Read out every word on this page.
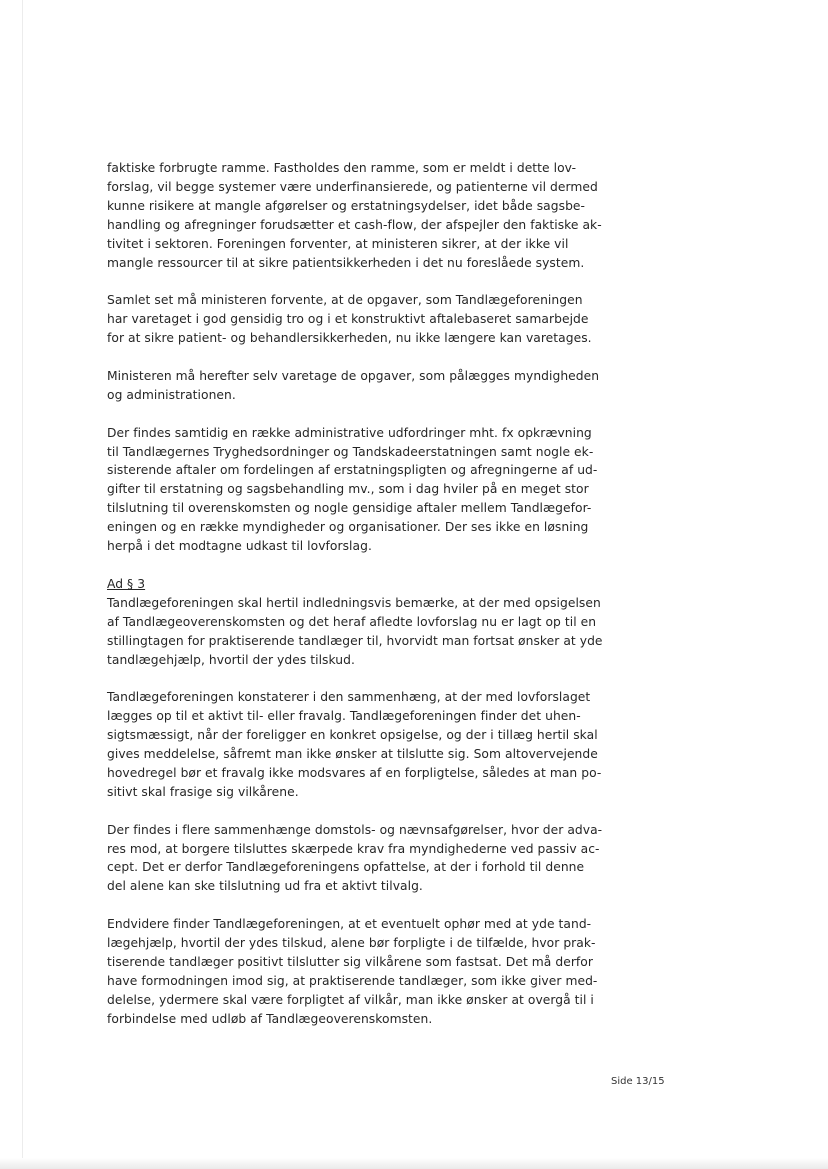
faktiske forbrugte ramme. Fastholdes den ramme, som er meldt i dette lov-
forslag, vil begge systemer være underfinansierede, og patienterne vil dermed
kunne risikere at mangle afgørelser og erstatningsydelser, idet både sagsbe-
handling og afregninger forudsætter et cash-flow, der afspejler den faktiske ak-
tivitet i sektoren. Foreningen forventer, at ministeren sikrer, at der ikke vil
mangle ressourcer til at sikre patientsikkerheden i det nu foreslåede system.
Samlet set må ministeren forvente, at de opgaver, som Tandlægeforeningen
har varetaget i god gensidig tro og i et konstruktivt aftalebaseret samarbejde
for at sikre patient- og behandlersikkerheden, nu ikke længere kan varetages.
Ministeren må herefter selv varetage de opgaver, som pålægges myndigheden
og administrationen.
Der findes samtidig en række administrative udfordringer mht. fx opkrævning
til Tandlægernes Tryghedsordninger og Tandskadeerstatningen samt nogle ek-
sisterende aftaler om fordelingen af erstatningspligten og afregningerne af ud-
gifter til erstatning og sagsbehandling mv., som i dag hviler på en meget stor
tilslutning til overenskomsten og nogle gensidige aftaler mellem Tandlægefor-
eningen og en række myndigheder og organisationer. Der ses ikke en løsning
herpå i det modtagne udkast til lovforslag.
Ad § 3
Tandlægeforeningen skal hertil indledningsvis bemærke, at der med opsigelsen
af Tandlægeoverenskomsten og det heraf afledte lovforslag nu er lagt op til en
stillingtagen for praktiserende tandlæger til, hvorvidt man fortsat ønsker at yde
tandlægehjælp, hvortil der ydes tilskud.
Tandlægeforeningen konstaterer i den sammenhæng, at der med lovforslaget
lægges op til et aktivt til- eller fravalg. Tandlægeforeningen finder det uhen-
sigtsmæssigt, når der foreligger en konkret opsigelse, og der i tillæg hertil skal
gives meddelelse, såfremt man ikke ønsker at tilslutte sig. Som altovervejende
hovedregel bør et fravalg ikke modsvares af en forpligtelse, således at man po-
sitivt skal frasige sig vilkårene.
Der findes i flere sammenhænge domstols- og nævnsafgørelser, hvor der adva-
res mod, at borgere tilsluttes skærpede krav fra myndighederne ved passiv ac-
cept. Det er derfor Tandlægeforeningens opfattelse, at der i forhold til denne
del alene kan ske tilslutning ud fra et aktivt tilvalg.
Endvidere finder Tandlægeforeningen, at et eventuelt ophør med at yde tand-
lægehjælp, hvortil der ydes tilskud, alene bør forpligte i de tilfælde, hvor prak-
tiserende tandlæger positivt tilslutter sig vilkårene som fastsat. Det må derfor
have formodningen imod sig, at praktiserende tandlæger, som ikke giver med-
delelse, ydermere skal være forpligtet af vilkår, man ikke ønsker at overgå til i
forbindelse med udløb af Tandlægeoverenskomsten.
Side 13/15
